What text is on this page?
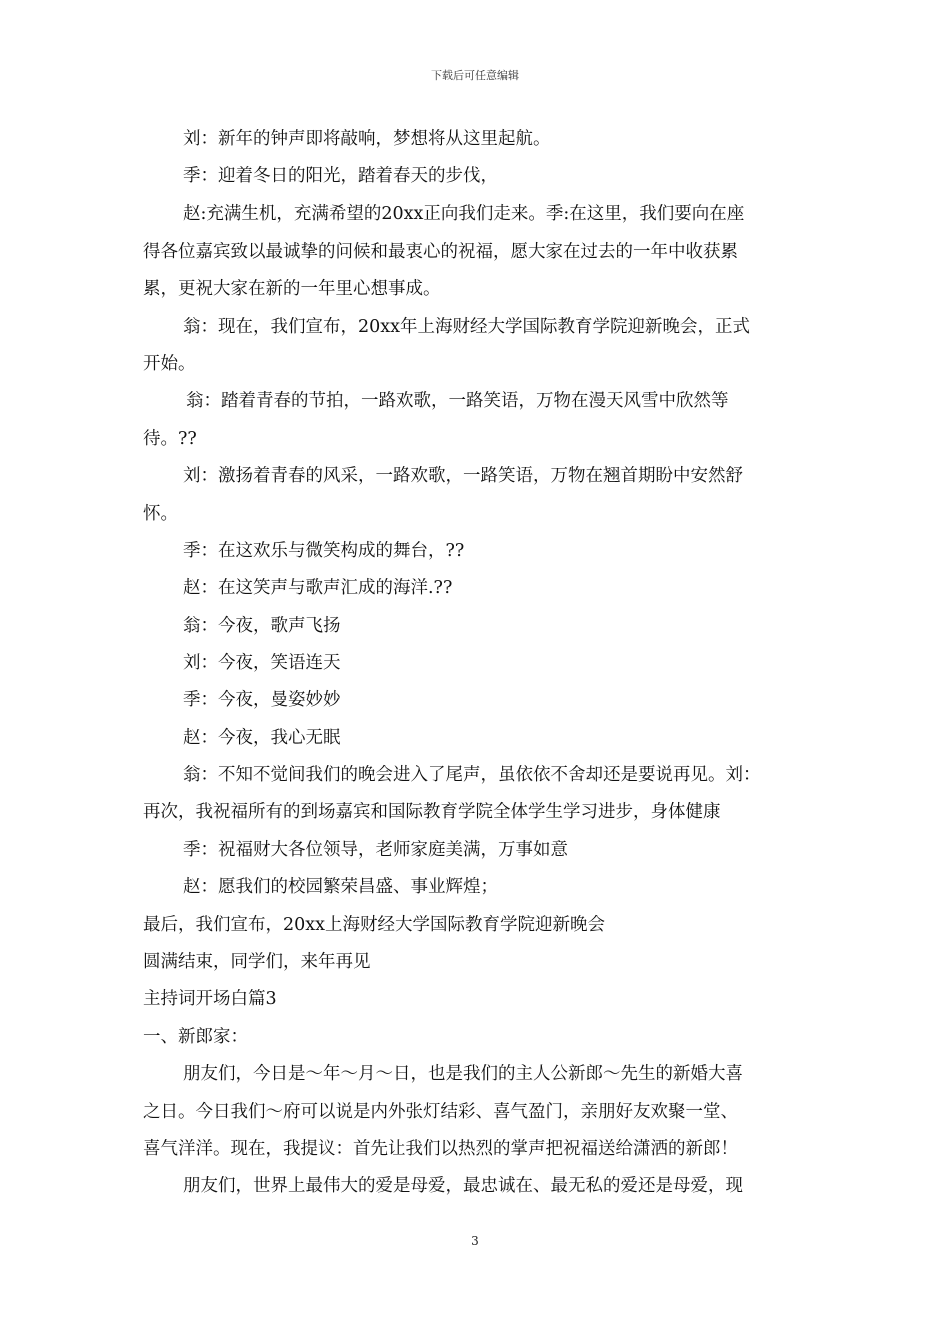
下载后可任意编辑
刘：新年的钟声即将敲响，梦想将从这里起航。
季：迎着冬日的阳光，踏着春天的步伐，
赵:充满生机，充满希望的20xx正向我们走来。季:在这里，我们要向在座
得各位嘉宾致以最诚挚的问候和最衷心的祝福，愿大家在过去的一年中收获累
累，更祝大家在新的一年里心想事成。
翁：现在，我们宣布，20xx年上海财经大学国际教育学院迎新晚会，正式
开始。
翁：踏着青春的节拍，一路欢歌，一路笑语，万物在漫天风雪中欣然等
待。??
刘：激扬着青春的风采，一路欢歌，一路笑语，万物在翘首期盼中安然舒
怀。
季：在这欢乐与微笑构成的舞台，??
赵：在这笑声与歌声汇成的海洋.??
翁：今夜，歌声飞扬
刘：今夜，笑语连天
季：今夜，曼姿妙妙
赵：今夜，我心无眠
翁：不知不觉间我们的晚会进入了尾声，虽依依不舍却还是要说再见。刘：
再次，我祝福所有的到场嘉宾和国际教育学院全体学生学习进步，身体健康
季：祝福财大各位领导，老师家庭美满，万事如意
赵：愿我们的校园繁荣昌盛、事业辉煌；
最后，我们宣布，20xx上海财经大学国际教育学院迎新晚会
圆满结束，同学们，来年再见
主持词开场白篇3
一、新郎家：
朋友们，今日是～年～月～日，也是我们的主人公新郎～先生的新婚大喜
之日。今日我们～府可以说是内外张灯结彩、喜气盈门，亲朋好友欢聚一堂、
喜气洋洋。现在，我提议：首先让我们以热烈的掌声把祝福送给潇洒的新郎！
朋友们，世界上最伟大的爱是母爱，最忠诚在、最无私的爱还是母爱，现
3
